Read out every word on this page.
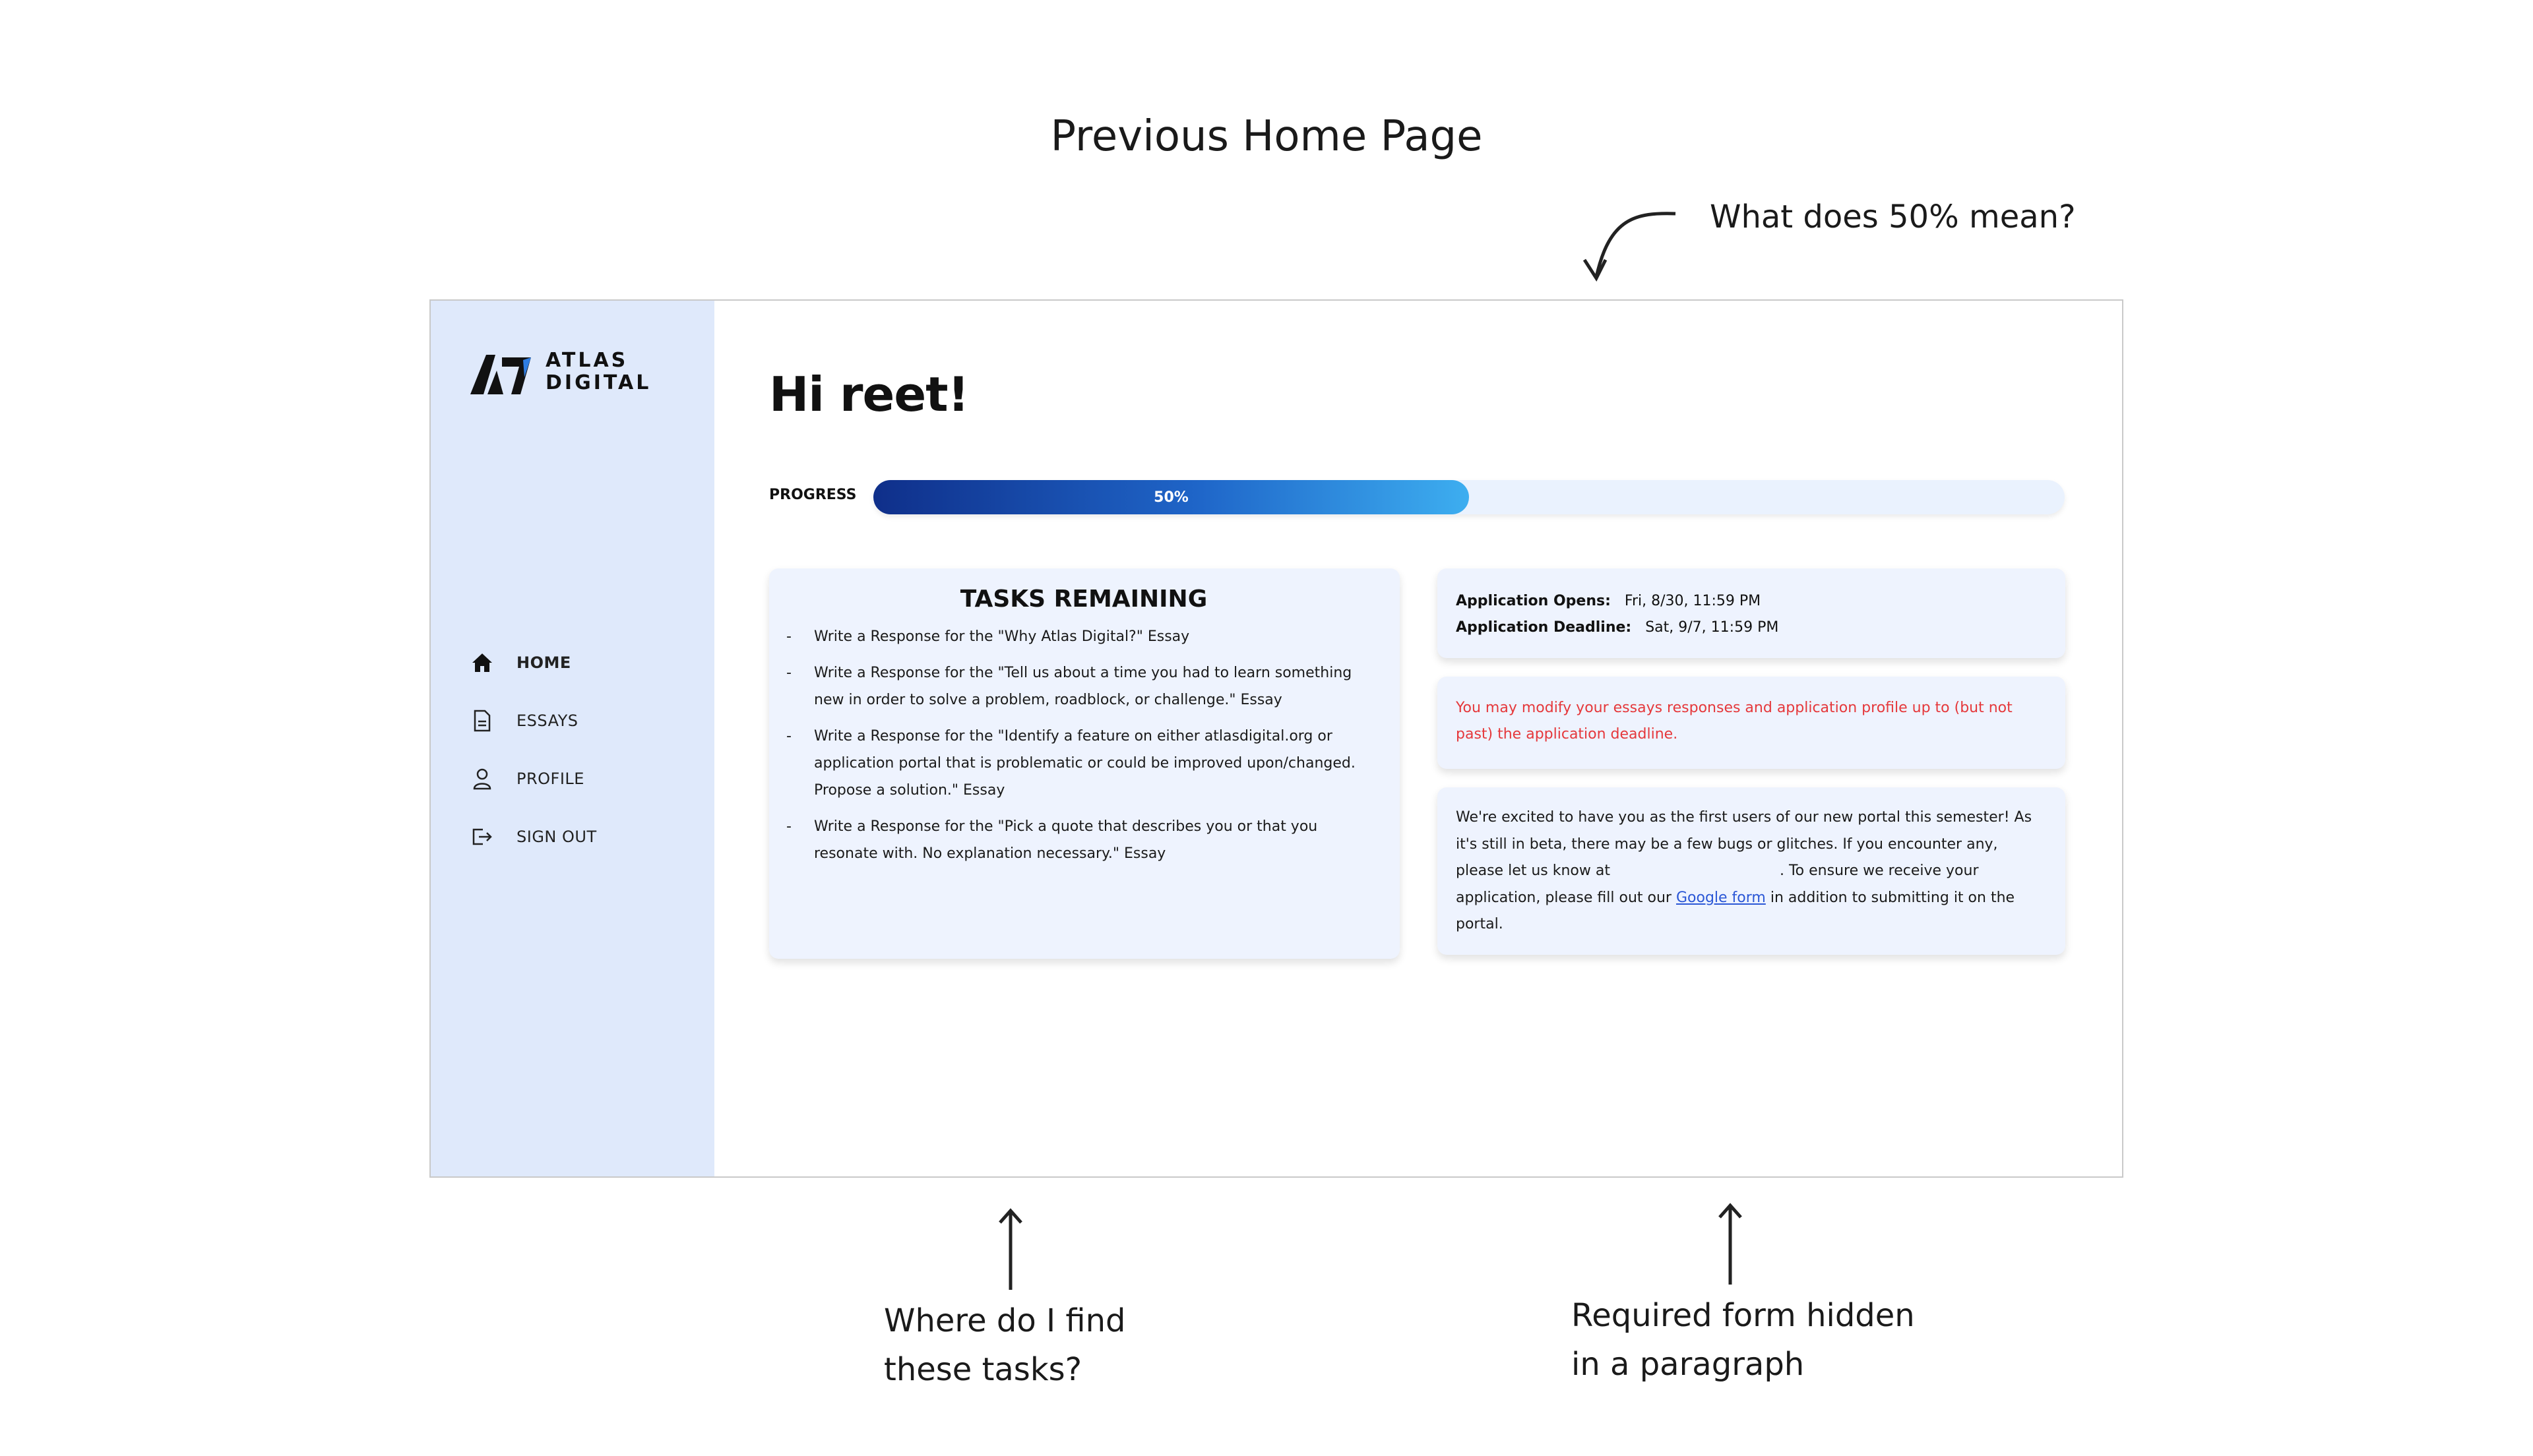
Previous Home Page
What does 50% mean?
ATLAS
DIGITAL
HOME
ESSAYS
PROFILE
SIGN OUT
Hi reet!
PROGRESS	50%
TASKS REMAINING
-	Write a Response for the "Why Atlas Digital?" Essay
-	Write a Response for the "Tell us about a time you had to learn something new in order to solve a problem, roadblock, or challenge." Essay
-	Write a Response for the "Identify a feature on either atlasdigital.org or application portal that is problematic or could be improved upon/changed. Propose a solution." Essay
-	Write a Response for the "Pick a quote that describes you or that you resonate with. No explanation necessary." Essay
Application Opens: Fri, 8/30, 11:59 PM
Application Deadline: Sat, 9/7, 11:59 PM
You may modify your essays responses and application profile up to (but not past) the application deadline.
We're excited to have you as the first users of our new portal this semester! As it's still in beta, there may be a few bugs or glitches. If you encounter any, please let us know at	. To ensure we receive your application, please fill out our Google form in addition to submitting it on the portal.
Where do I find
these tasks?
Required form hidden
in a paragraph
